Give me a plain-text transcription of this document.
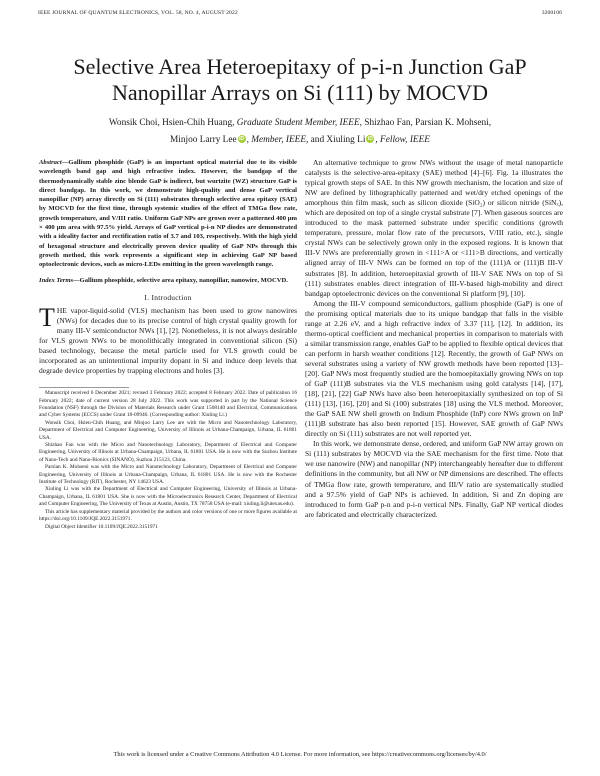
IEEE JOURNAL OF QUANTUM ELECTRONICS, VOL. 58, NO. 4, AUGUST 2022	3200106
Selective Area Heteroepitaxy of p-i-n Junction GaP Nanopillar Arrays on Si (111) by MOCVD
Wonsik Choi, Hsien-Chih Huang, Graduate Student Member, IEEE, Shizhao Fan, Parsian K. Mohseni,
Minjoo Larry Lee iD , Member, IEEE, and Xiuling Li iD , Fellow, IEEE

Abstract—Gallium phosphide (GaP) is an important optical material due to its visible wavelength band gap and high refractive index. However, the bandgap of the thermodynamically stable zinc blende GaP is indirect, but wurtzite (WZ) structure GaP is direct bandgap. In this work, we demonstrate high-quality and dense GaP vertical nanopillar (NP) array directly on Si (111) substrates through selective area epitaxy (SAE) by MOCVD for the first time, through systemic studies of the effect of TMGa flow rate, growth temperature, and V/III ratio. Uniform GaP NPs are grown over a patterned 400 μm × 400 μm area with 97.5% yield. Arrays of GaP vertical p-i-n NP diodes are demonstrated with a ideality factor and rectification ratio of 3.7 and 103, respectively. With the high yield of hexagonal structure and electrically proven device quality of GaP NPs through this growth method, this work represents a significant step in achieving GaP NP based optoelectronic devices, such as micro-LEDs emitting in the green wavelength range.

Index Terms—Gallium phosphide, selective area epitaxy, nanopillar, nanowire, MOCVD.

I. Introduction

THE vapor-liquid-solid (VLS) mechanism has been used to grow nanowires (NWs) for decades due to its precise control of high crystal quality growth for many III-V semiconductor NWs [1], [2]. Nonetheless, it is not always desirable for VLS grown NWs to be monolithically integrated in conventional silicon (Si) based technology, because the metal particle used for VLS growth could be incorporated as an unintentional impurity dopant in Si and induce deep levels that degrade device properties by trapping electrons and holes [3].

Manuscript received 6 December 2021; revised 3 February 2022; accepted 8 February 2022. Date of publication 16 February 2022; date of current version 28 July 2022. This work was supported in part by the National Science Foundation (NSF) through the Division of Materials Research under Grant 1508140 and Electrical, Communications and Cyber Systems (ECCS) under Grant 18-09946. (Corresponding author: Xiuling Li.)

Wonsik Choi, Hsien-Chih Huang, and Minjoo Larry Lee are with the Micro and Nanotechnology Laboratory, Department of Electrical and Computer Engineering, University of Illinois at Urbana-Champaign, Urbana, IL 61801 USA.

Shizhao Fan was with the Micro and Nanotechnology Laboratory, Department of Electrical and Computer Engineering, University of Illinois at Urbana-Champaign, Urbana, IL 61801 USA. He is now with the Suzhou Institute of Nano-Tech and Nano-Bionics (SINANO), Suzhou 215123, China.

Parsian K. Mohseni was with the Micro and Nanotechnology Laboratory, Department of Electrical and Computer Engineering, University of Illinois at Urbana-Champaign, Urbana, IL 61801 USA. He is now with the Rochester Institute of Technology (RIT), Rochester, NY 14623 USA.

Xiuling Li was with the Department of Electrical and Computer Engineering, University of Illinois at Urbana-Champaign, Urbana, IL 61801 USA. She is now with the Microelectronics Research Center, Department of Electrical and Computer Engineering, The University of Texas at Austin, Austin, TX 78758 USA (e-mail: xiuling.li@utexas.edu).

This article has supplementary material provided by the authors and color versions of one or more figures available at https://doi.org/10.1109/JQE.2022.3151971.

Digital Object Identifier 10.1109/JQE.2022.3151971

An alternative technique to grow NWs without the usage of metal nanoparticle catalysts is the selective-area-epitaxy (SAE) method [4]–[6]. Fig. 1a illustrates the typical growth steps of SAE. In this NW growth mechanism, the location and size of NW are defined by lithographically patterned and wet/dry etched openings of the amorphous thin film mask, such as silicon dioxide (SiO₂) or silicon nitride (SiNₓ), which are deposited on top of a single crystal substrate [7]. When gaseous sources are introduced to the mask patterned substrate under specific conditions (growth temperature, pressure, molar flow rate of the precursors, V/III ratio, etc.), single crystal NWs can be selectively grown only in the exposed regions. It is known that III-V NWs are preferentially grown in <111>A or <111>B directions, and vertically aligned array of III-V NWs can be formed on top of the (111)A or (111)B III-V substrates [8]. In addition, heteroepitaxial growth of III-V SAE NWs on top of Si (111) substrates enables direct integration of III-V-based high-mobility and direct bandgap optoelectronic devices on the conventional Si platform [9], [10].

Among the III-V compound semiconductors, gallium phosphide (GaP) is one of the promising optical materials due to its unique bandgap that falls in the visible range at 2.26 eV, and a high refractive index of 3.37 [11], [12]. In addition, its thermo-optical coefficient and mechanical properties in comparison to materials with a similar transmission range, enables GaP to be applied to flexible optical devices that can perform in harsh weather conditions [12]. Recently, the growth of GaP NWs on several substrates using a variety of NW growth methods have been reported [13]–[20]. GaP NWs most frequently studied are the homoepitaxially growing NWs on top of GaP (111)B substrates via the VLS mechanism using gold catalysts [14], [17], [18], [21], [22] GaP NWs have also been heteroepitaxially synthesized on top of Si (111) [13], [16], [20] and Si (100) substrates [18] using the VLS method. Moreover, the GaP SAE NW shell growth on Indium Phosphide (InP) core NWs grown on InP (111)B substrate has also been reported [15]. However, SAE growth of GaP NWs directly on Si (111) substrates are not well reported yet.

In this work, we demonstrate dense, ordered, and uniform GaP NW array grown on Si (111) substrates by MOCVD via the SAE mechanism for the first time. Note that we use nanowire (NW) and nanopillar (NP) interchangeably hereafter due to different definitions in the community, but all NW or NP dimensions are described. The effects of TMGa flow rate, growth temperature, and III/V ratio are systematically studied and a 97.5% yield of GaP NPs is achieved. In addition, Si and Zn doping are introduced to form GaP p-n and p-i-n vertical NPs. Finally, GaP NP vertical diodes are fabricated and electrically characterized.

This work is licensed under a Creative Commons Attribution 4.0 License. For more information, see https://creativecommons.org/licenses/by/4.0/
